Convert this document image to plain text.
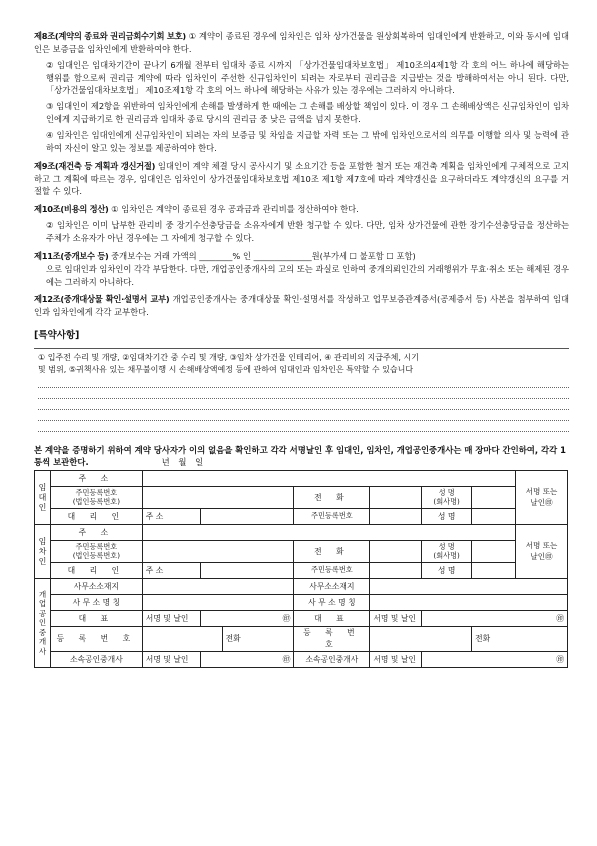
제8조(계약의 종료와 권리금회수기회 보호) ① 계약이 종료된 경우에 임차인은 임차 상가건물을 원상회복하여 임대인에게 반환하고, 이와 동시에 임대인은 보증금을 임차인에게 반환하여야 한다.
② 임대인은 임대차기간이 끝나기 6개월 전부터 임대차 종료 시까지 「상가건물임대차보호법」 제10조의4제1항 각 호의 어느 하나에 해당하는 행위를 함으로써 권리금 계약에 따라 임차인이 주선한 신규임차인이 되려는 자로부터 권리금을 지급받는 것을 방해하여서는 아니 된다. 다만, 「상가건물임대차보호법」 제10조제1항 각 호의 어느 하나에 해당하는 사유가 있는 경우에는 그러하지 아니하다.
③ 임대인이 제2항을 위반하여 임차인에게 손해를 발생하게 한 때에는 그 손해를 배상할 책임이 있다. 이 경우 그 손해배상액은 신규임차인이 임차인에게 지급하기로 한 권리금과 임대차 종료 당시의 권리금 중 낮은 금액을 넘지 못한다.
④ 임차인은 임대인에게 신규임차인이 되려는 자의 보증금 및 차임을 지급할 자력 또는 그 밖에 임차인으로서의 의무를 이행할 의사 및 능력에 관하여 자신이 알고 있는 정보를 제공하여야 한다.
제9조(재건축 등 계획과 갱신거절) 임대인이 계약 체결 당시 공사시기 및 소요기간 등을 포함한 철거 또는 재건축 계획을 임차인에게 구체적으로 고지하고 그 계획에 따르는 경우, 임대인은 임차인이 상가건물임대차보호법 제10조 제1항 제7호에 따라 계약갱신을 요구하더라도 계약갱신의 요구를 거절할 수 있다.
제10조(비용의 정산) ① 임차인은 계약이 종료된 경우 공과금과 관리비를 정산하여야 한다.
② 임차인은 이미 납부한 관리비 중 장기수선충당금을 소유자에게 반환 청구할 수 있다. 다만, 임차 상가건물에 관한 장기수선충당금을 정산하는 주체가 소유자가 아닌 경우에는 그 자에게 청구할 수 있다.
제11조(중개보수 등) 중개보수는 거래 가액의 ________% 인 ______________원(부가세 ☐ 불포함 ☐ 포함)
으로 임대인과 임차인이 각각 부담한다. 다만, 개업공인중개사의 고의 또는 과실로 인하여 중개의뢰인간의 거래행위가 무효·취소 또는 해제된 경우에는 그러하지 아니하다.
제12조(중개대상물 확인·설명서 교부) 개업공인중개사는 중개대상물 확인·설명서를 작성하고 업무보증관계증서(공제증서 등) 사본을 첨부하여 임대인과 임차인에게 각각 교부한다.
[특약사항]
① 입주전 수리 및 개량, ②임대차기간 중 수리 및 개량, ③임차 상가건물 인테리어, ④ 관리비의 지급주체, 시기
및 범위, ⑤귀책사유 있는 채무불이행 시 손해배상액예정 등에 관하여 임대인과 임차인은 특약할 수 있습니다
본 계약을 증명하기 위하여 계약 당사자가 이의 없음을 확인하고 각각 서명날인 후 임대인, 임차인, 개업공인중개사는 매 장마다 간인하여, 각각 1통씩 보관한다.	년 월 일
임대인	주 소								서명 또는
날인㊞
	주민등록번호
(법인등록번호)				전 화		성 명
(회사명)		
	대 리 인	주 소			주민등록번호		성 명		
임차인	주 소								서명 또는
날인㊞
	주민등록번호
(법인등록번호)				전 화		성 명
(회사명)		
	대 리 인	주 소			주민등록번호		성 명		
개업공인중개사	사무소소재지				사무소소재지				
	사 무 소 명 칭				사 무 소 명 칭				
	대 표	서명 및 날인	㊞		대 표	서명 및 날인	㊞		
	등 록 번 호			전화	등 록 번 호			전화	
	소속공인중개사	서명 및 날인	㊞		소속공인중개사	서명 및 날인	㊞		
